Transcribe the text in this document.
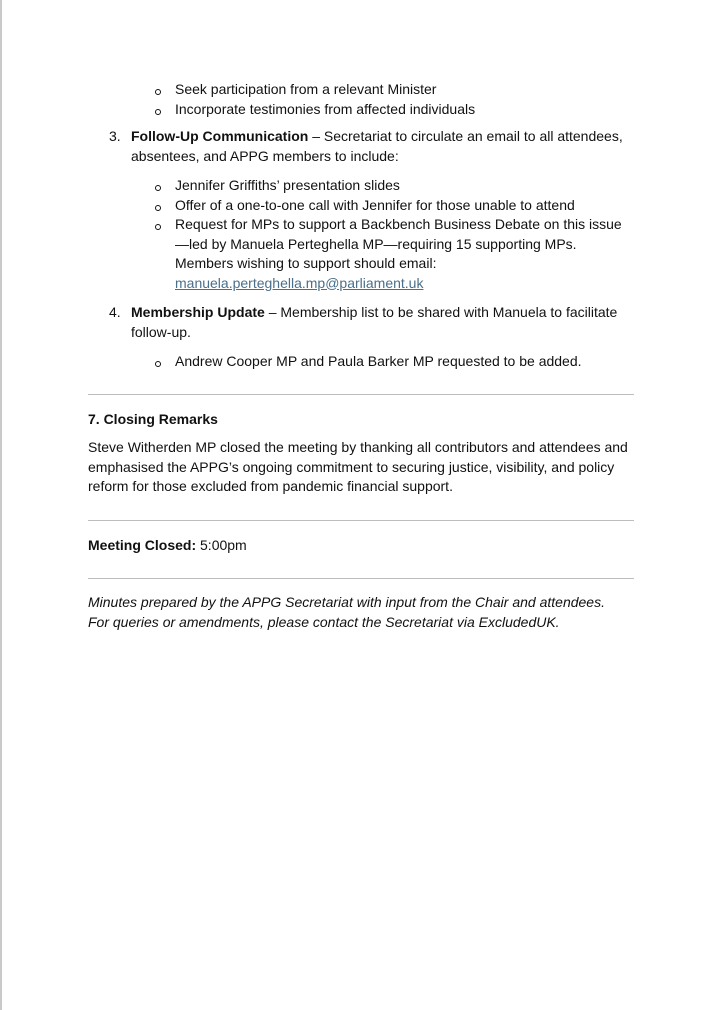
Seek participation from a relevant Minister
Incorporate testimonies from affected individuals
3. Follow-Up Communication – Secretariat to circulate an email to all attendees, absentees, and APPG members to include:
Jennifer Griffiths’ presentation slides
Offer of a one-to-one call with Jennifer for those unable to attend
Request for MPs to support a Backbench Business Debate on this issue—led by Manuela Perteghella MP—requiring 15 supporting MPs. Members wishing to support should email:
manuela.perteghella.mp@parliament.uk
4. Membership Update – Membership list to be shared with Manuela to facilitate follow-up.
Andrew Cooper MP and Paula Barker MP requested to be added.

7. Closing Remarks

Steve Witherden MP closed the meeting by thanking all contributors and attendees and emphasised the APPG’s ongoing commitment to securing justice, visibility, and policy reform for those excluded from pandemic financial support.

Meeting Closed: 5:00pm

Minutes prepared by the APPG Secretariat with input from the Chair and attendees.
For queries or amendments, please contact the Secretariat via ExcludedUK.
